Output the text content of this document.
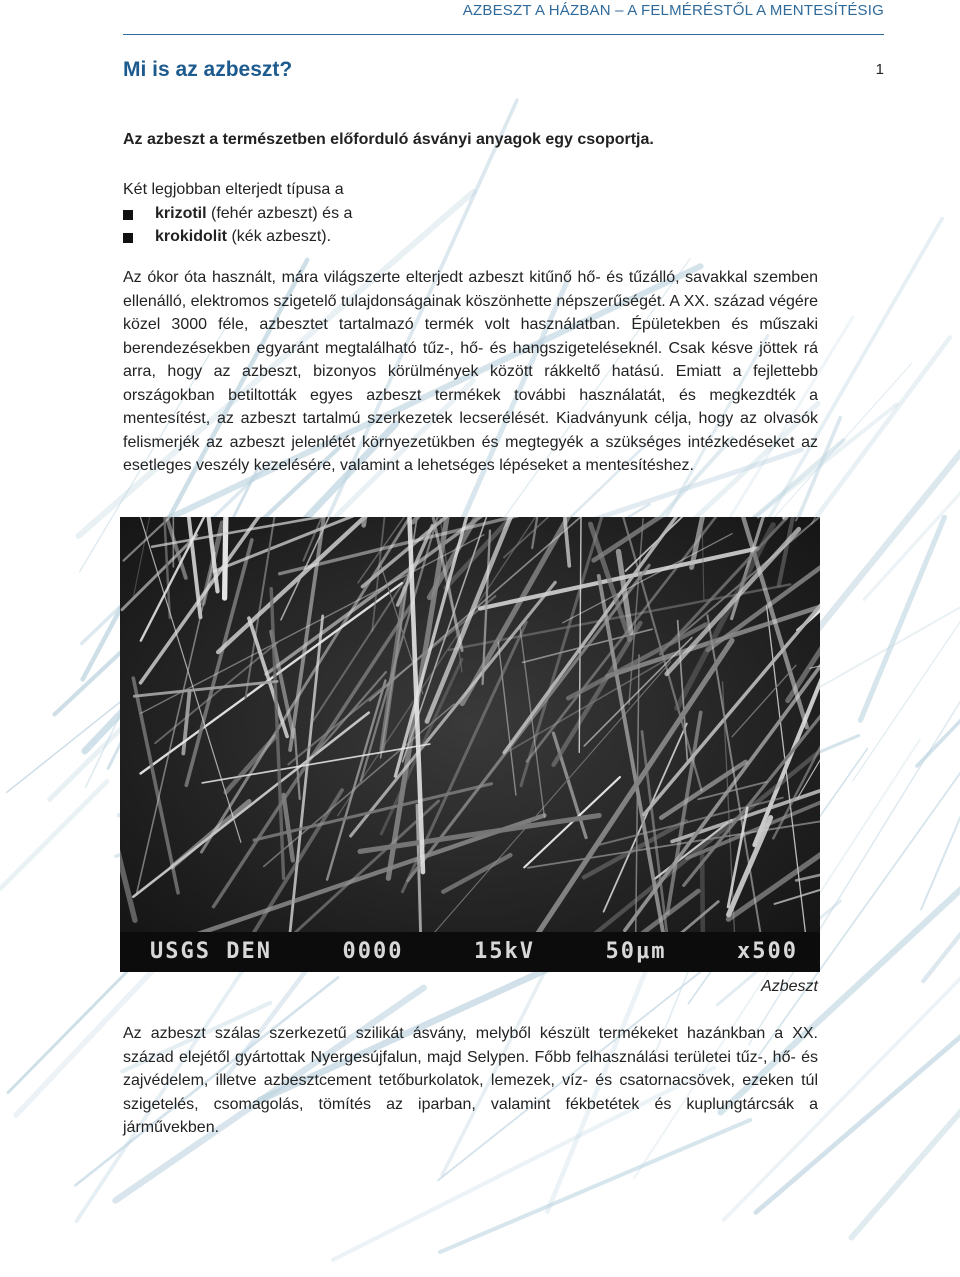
AZBESZT A HÁZBAN – A FELMÉRÉSTŐL A MENTESÍTÉSIG
Mi is az azbeszt?	1
Az azbeszt a természetben előforduló ásványi anyagok egy csoportja.
Két legjobban elterjedt típusa a
krizotil (fehér azbeszt) és a
krokidolit (kék azbeszt).
Az ókor óta használt, mára világszerte elterjedt azbeszt kitűnő hő- és tűzálló, savakkal szemben ellenálló, elektromos szigetelő tulajdonságainak köszönhette népszerűségét. A XX. század végére közel 3000 féle, azbesztet tartalmazó termék volt használatban. Épületekben és műszaki berendezésekben egyaránt megtalálható tűz-, hő- és hangszigeteléseknél. Csak késve jöttek rá arra, hogy az azbeszt, bizonyos körülmények között rákkeltő hatású. Emiatt a fejlettebb országokban betiltották egyes azbeszt termékek további használatát, és megkezdték a mentesítést, az azbeszt tartalmú szerkezetek lecserélését. Kiadványunk célja, hogy az olvasók felismerjék az azbeszt jelenlétét környezetükben és megtegyék a szükséges intézkedéseket az esetleges veszély kezelésére, valamint a lehetséges lépéseket a mentesítéshez.
USGS DEN	0000	15kV	50μm	x500
Azbeszt
Az azbeszt szálas szerkezetű szilikát ásvány, melyből készült termékeket hazánkban a XX. század elejétől gyártottak Nyergesújfalun, majd Selypen. Főbb felhasználási területei tűz-, hő- és zajvédelem, illetve azbesztcement tetőburkolatok, lemezek, víz- és csatornacsövek, ezeken túl szigetelés, csomagolás, tömítés az iparban, valamint fékbetétek és kuplungtárcsák a járművekben.
